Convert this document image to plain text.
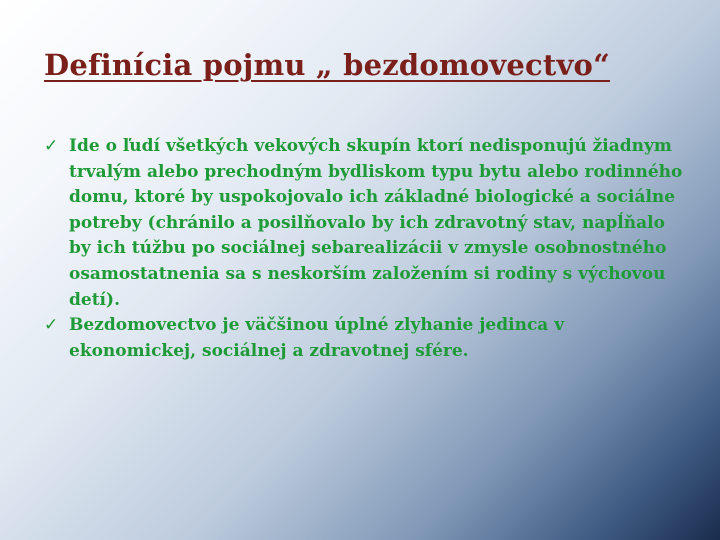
Definícia pojmu „ bezdomovectvo“
✓ Ide o ľudí všetkých vekových skupín ktorí nedisponujú žiadnym trvalým alebo prechodným bydliskom typu bytu alebo rodinného domu, ktoré by uspokojovalo ich základné biologické a sociálne potreby (chránilo a posilňovalo by ich zdravotný stav, napĺňalo by ich túžbu po sociálnej sebarealizácii v zmysle osobnostného osamostatnenia sa s neskorším založením si rodiny s výchovou detí).
✓ Bezdomovectvo je väčšinou úplné zlyhanie jedinca v ekonomickej, sociálnej a zdravotnej sfére.
